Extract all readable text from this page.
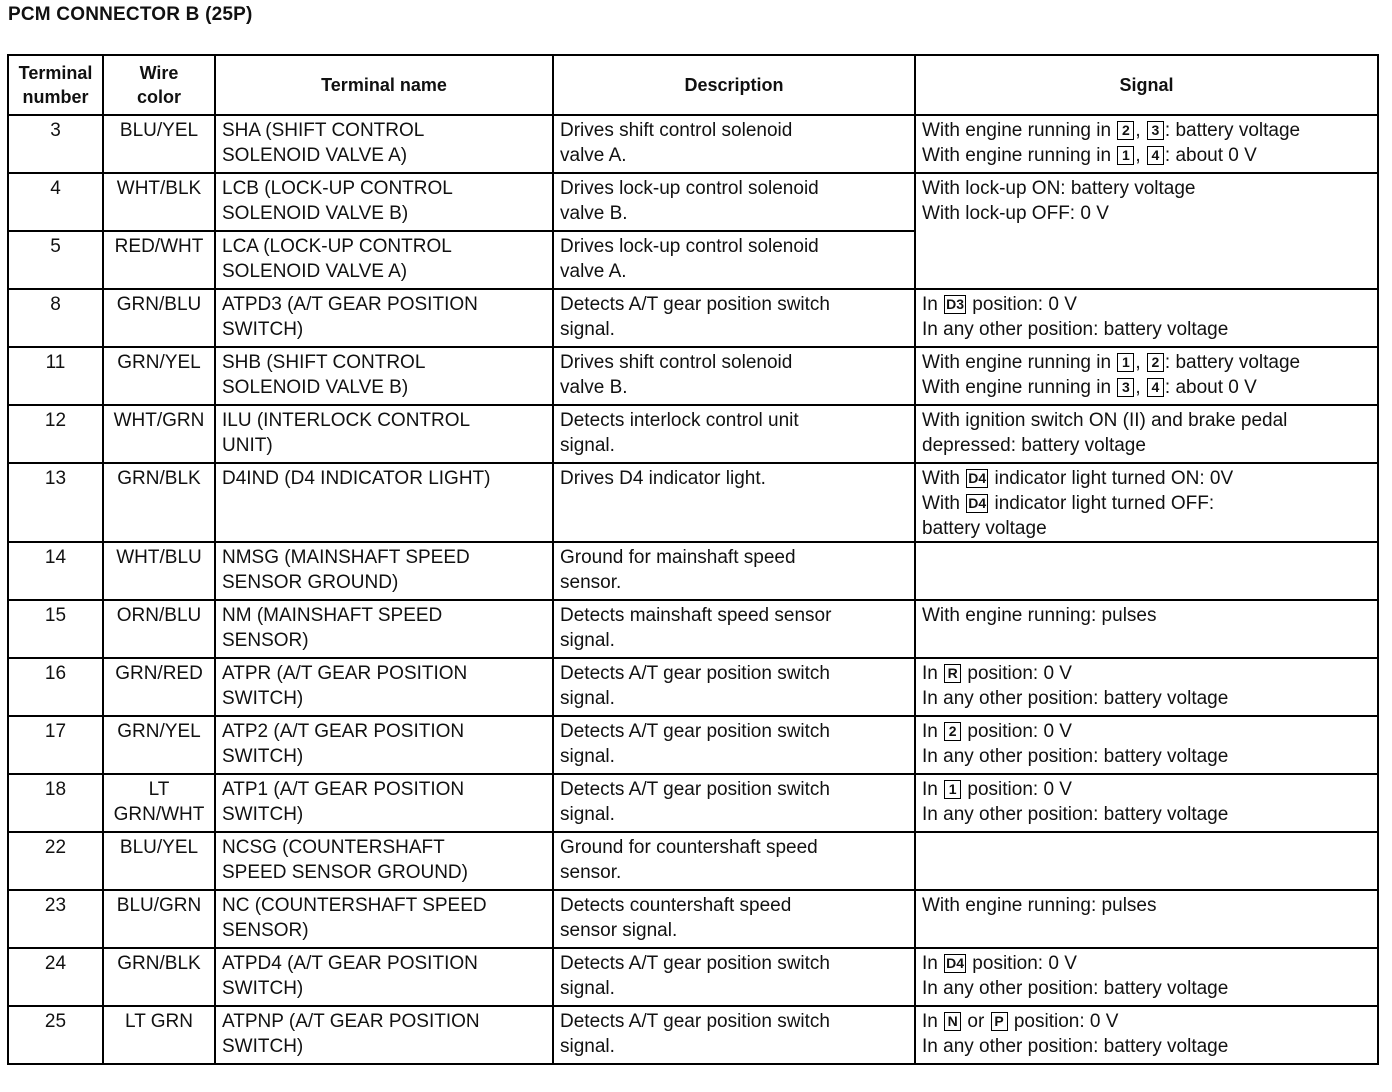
PCM CONNECTOR B (25P)
Terminal
number	Wire
color	Terminal name	Description	Signal
3	BLU/YEL	SHA (SHIFT CONTROL
SOLENOID VALVE A)	Drives shift control solenoid
valve A.	With engine running in 2 , 3 : battery voltage
With engine running in 1 , 4 : about 0 V

4	WHT/BLK	LCB (LOCK-UP CONTROL
SOLENOID VALVE B)	Drives lock-up control solenoid
valve B.	With lock-up ON: battery voltage
With lock-up OFF: 0 V

5	RED/WHT	LCA (LOCK-UP CONTROL
SOLENOID VALVE A)	Drives lock-up control solenoid
valve A.	

8	GRN/BLU	ATPD3 (A/T GEAR POSITION
SWITCH)	Detects A/T gear position switch
signal.	In D3 position: 0 V
In any other position: battery voltage

11	GRN/YEL	SHB (SHIFT CONTROL
SOLENOID VALVE B)	Drives shift control solenoid
valve B.	With engine running in 1 , 2 : battery voltage
With engine running in 3 , 4 : about 0 V

12	WHT/GRN	ILU (INTERLOCK CONTROL
UNIT)	Detects interlock control unit
signal.	With ignition switch ON (II) and brake pedal
depressed: battery voltage

13	GRN/BLK	D4IND (D4 INDICATOR LIGHT)	Drives D4 indicator light.	With D4 indicator light turned ON: 0V
With D4 indicator light turned OFF:
battery voltage

14	WHT/BLU	NMSG (MAINSHAFT SPEED
SENSOR GROUND)	Ground for mainshaft speed
sensor.	

15	ORN/BLU	NM (MAINSHAFT SPEED
SENSOR)	Detects mainshaft speed sensor
signal.	With engine running: pulses

16	GRN/RED	ATPR (A/T GEAR POSITION
SWITCH)	Detects A/T gear position switch
signal.	In R position: 0 V
In any other position: battery voltage

17	GRN/YEL	ATP2 (A/T GEAR POSITION
SWITCH)	Detects A/T gear position switch
signal.	In 2 position: 0 V
In any other position: battery voltage

18	LT
GRN/WHT	ATP1 (A/T GEAR POSITION
SWITCH)	Detects A/T gear position switch
signal.	In 1 position: 0 V
In any other position: battery voltage

22	BLU/YEL	NCSG (COUNTERSHAFT
SPEED SENSOR GROUND)	Ground for countershaft speed
sensor.	

23	BLU/GRN	NC (COUNTERSHAFT SPEED
SENSOR)	Detects countershaft speed
sensor signal.	With engine running: pulses

24	GRN/BLK	ATPD4 (A/T GEAR POSITION
SWITCH)	Detects A/T gear position switch
signal.	In D4 position: 0 V
In any other position: battery voltage

25	LT GRN	ATPNP (A/T GEAR POSITION
SWITCH)	Detects A/T gear position switch
signal.	In N or P position: 0 V
In any other position: battery voltage
